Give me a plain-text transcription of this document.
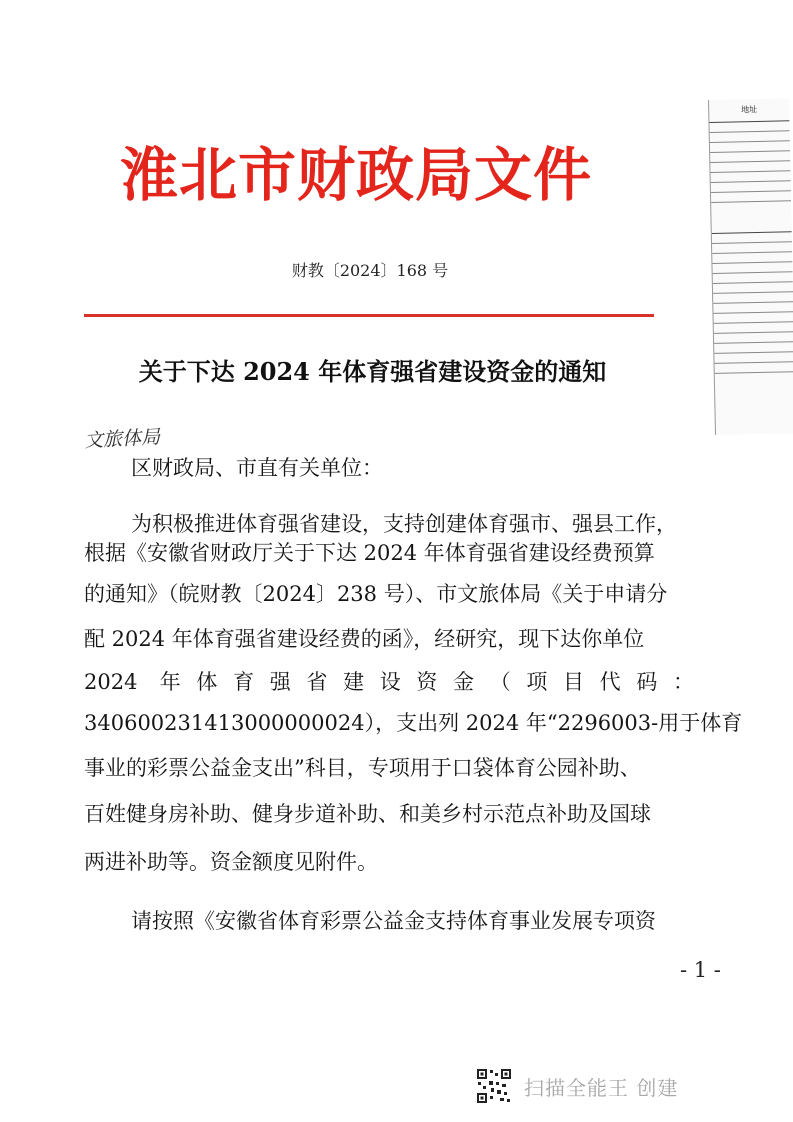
地址
淮北市财政局文件
财教〔2024〕168 号
关于下达 2024 年体育强省建设资金的通知
文旅体局
区财政局、市直有关单位：
为积极推进体育强省建设，支持创建体育强市、强县工作，
根据《安徽省财政厅关于下达 2024 年体育强省建设经费预算
的通知》（皖财教〔2024〕238 号）、市文旅体局《关于申请分
配 2024 年体育强省建设经费的函》，经研究，现下达你单位
2024 年体育强省建设资金（项目代码：
340600231413000000024），支出列 2024 年“2296003-用于体育
事业的彩票公益金支出”科目，专项用于口袋体育公园补助、
百姓健身房补助、健身步道补助、和美乡村示范点补助及国球
两进补助等。资金额度见附件。
请按照《安徽省体育彩票公益金支持体育事业发展专项资
- 1 -
扫描全能王 创建
